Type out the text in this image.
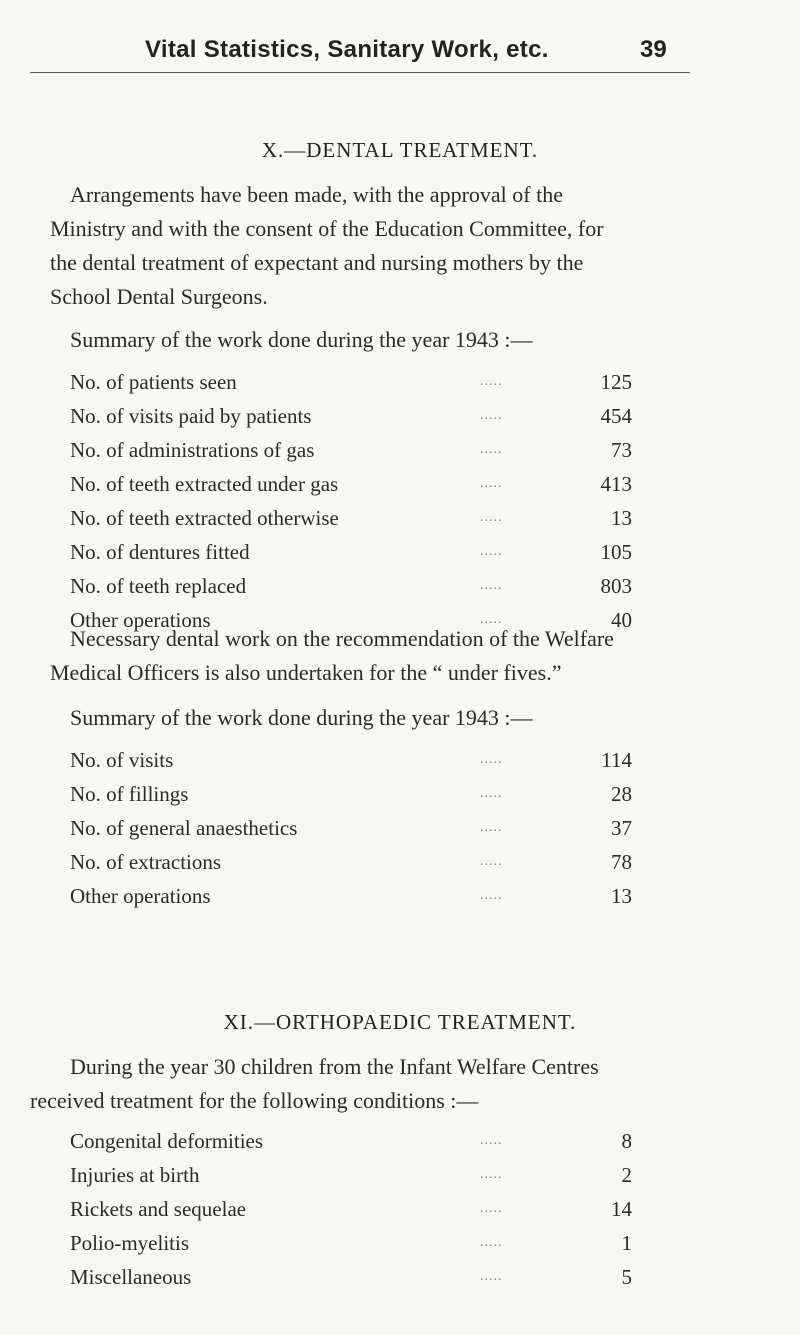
Vital Statistics, Sanitary Work, etc.	39
X.—DENTAL TREATMENT.
Arrangements have been made, with the approval of the
Ministry and with the consent of the Education Committee, for
the dental treatment of expectant and nursing mothers by the
School Dental Surgeons.
Summary of the work done during the year 1943 :—
No. of patients seen	.....	125
No. of visits paid by patients	.....	454
No. of administrations of gas	.....	73
No. of teeth extracted under gas	.....	413
No. of teeth extracted otherwise	.....	13
No. of dentures fitted	.....	105
No. of teeth replaced	.....	803
Other operations	.....	40
Necessary dental work on the recommendation of the Welfare
Medical Officers is also undertaken for the “ under fives.”
Summary of the work done during the year 1943 :—
No. of visits	.....	114
No. of fillings	.....	28
No. of general anaesthetics	.....	37
No. of extractions	.....	78
Other operations	.....	13
XI.—ORTHOPAEDIC TREATMENT.
During the year 30 children from the Infant Welfare Centres
received treatment for the following conditions :—
Congenital deformities	.....	8
Injuries at birth	.....	2
Rickets and sequelae	.....	14
Polio-myelitis	.....	1
Miscellaneous	.....	5
